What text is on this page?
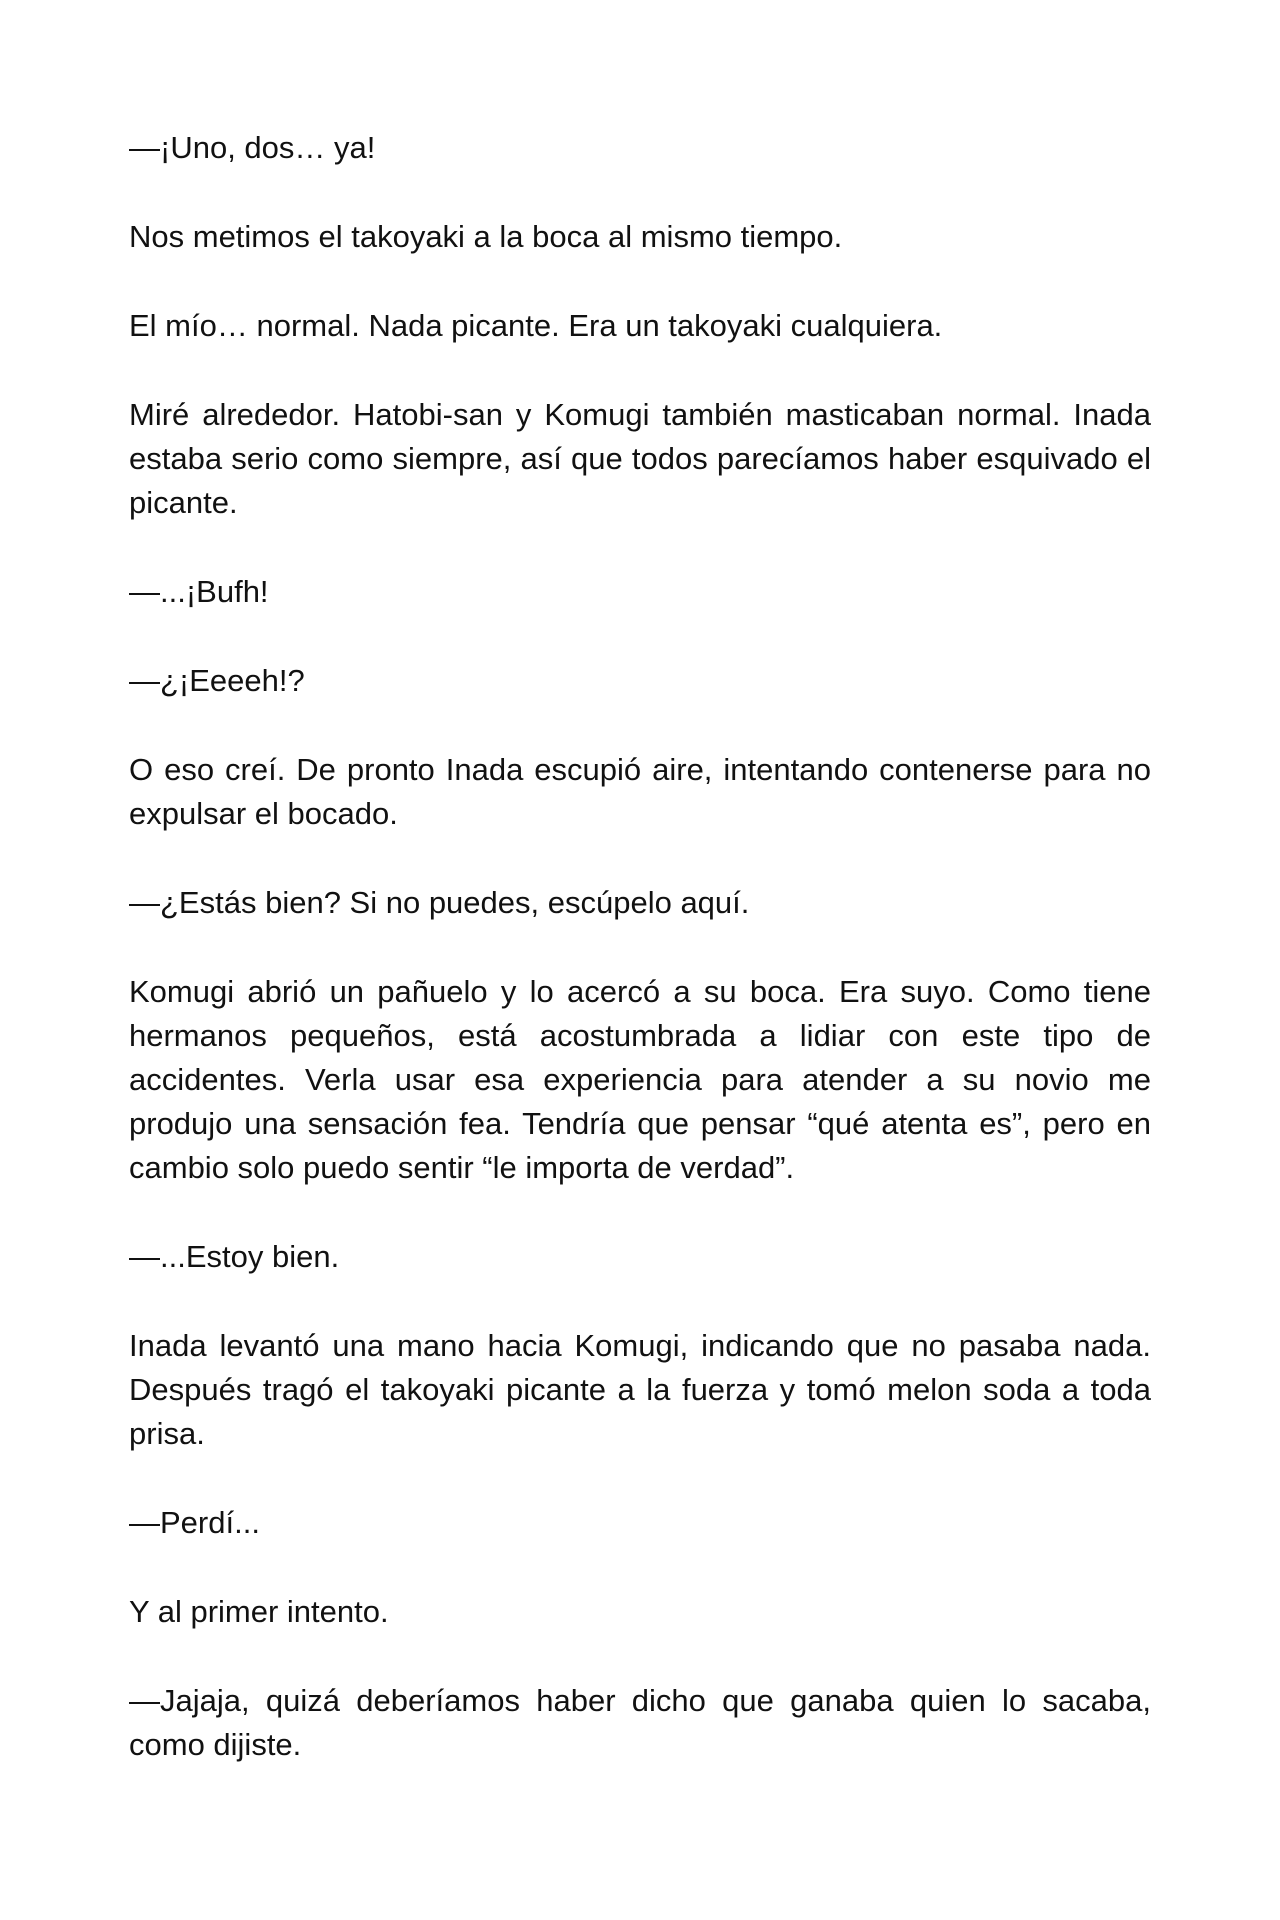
—¡Uno, dos… ya!

Nos metimos el takoyaki a la boca al mismo tiempo.

El mío… normal. Nada picante. Era un takoyaki cualquiera.

Miré alrededor. Hatobi-san y Komugi también masticaban normal. Inada estaba serio como siempre, así que todos parecíamos haber esquivado el picante.

—...¡Bufh!

—¿¡Eeeeh!?

O eso creí. De pronto Inada escupió aire, intentando contenerse para no expulsar el bocado.

—¿Estás bien? Si no puedes, escúpelo aquí.

Komugi abrió un pañuelo y lo acercó a su boca. Era suyo. Como tiene hermanos pequeños, está acostumbrada a lidiar con este tipo de accidentes. Verla usar esa experiencia para atender a su novio me produjo una sensación fea. Tendría que pensar “qué atenta es”, pero en cambio solo puedo sentir “le importa de verdad”.

—...Estoy bien.

Inada levantó una mano hacia Komugi, indicando que no pasaba nada. Después tragó el takoyaki picante a la fuerza y tomó melon soda a toda prisa.

—Perdí...

Y al primer intento.

—Jajaja, quizá deberíamos haber dicho que ganaba quien lo sacaba, como dijiste.
